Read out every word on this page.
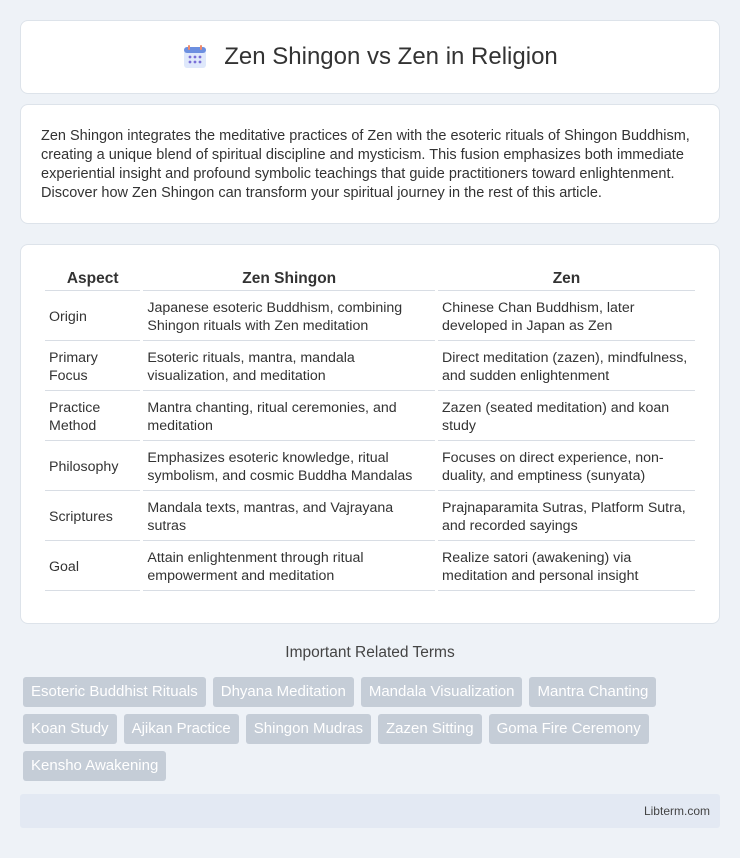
Zen Shingon vs Zen in Religion

Zen Shingon integrates the meditative practices of Zen with the esoteric rituals of Shingon Buddhism, creating a unique blend of spiritual discipline and mysticism. This fusion emphasizes both immediate experiential insight and profound symbolic teachings that guide practitioners toward enlightenment. Discover how Zen Shingon can transform your spiritual journey in the rest of this article.

Aspect	Zen Shingon	Zen
Origin	Japanese esoteric Buddhism, combining Shingon rituals with Zen meditation	Chinese Chan Buddhism, later developed in Japan as Zen
Primary Focus	Esoteric rituals, mantra, mandala visualization, and meditation	Direct meditation (zazen), mindfulness, and sudden enlightenment
Practice Method	Mantra chanting, ritual ceremonies, and meditation	Zazen (seated meditation) and koan study
Philosophy	Emphasizes esoteric knowledge, ritual symbolism, and cosmic Buddha Mandalas	Focuses on direct experience, non-duality, and emptiness (sunyata)
Scriptures	Mandala texts, mantras, and Vajrayana sutras	Prajnaparamita Sutras, Platform Sutra, and recorded sayings
Goal	Attain enlightenment through ritual empowerment and meditation	Realize satori (awakening) via meditation and personal insight
Important Related Terms
Esoteric Buddhist Rituals	Dhyana Meditation	Mandala Visualization	Mantra Chanting
Koan Study	Ajikan Practice	Shingon Mudras	Zazen Sitting	Goma Fire Ceremony
Kensho Awakening
Libterm.com
